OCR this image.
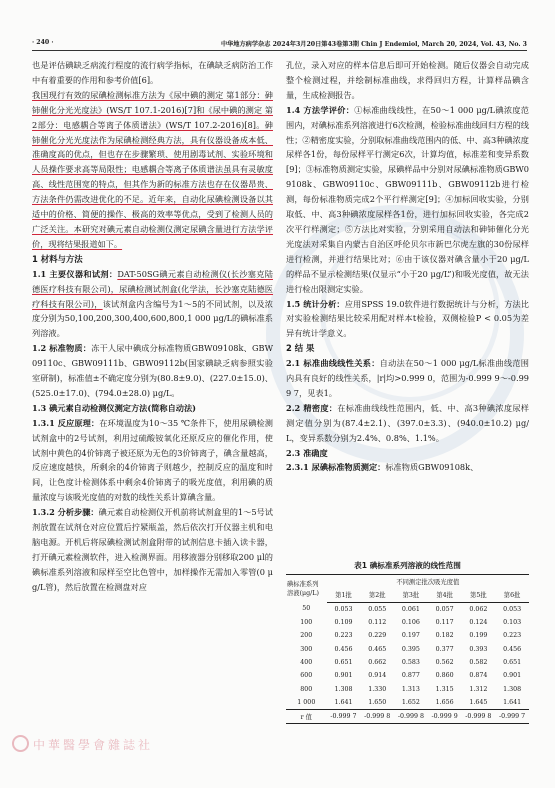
· 240 ·	中华地方病学杂志 2024年3月20日第43卷第3期 Chin J Endemiol, March 20, 2024, Vol. 43, No. 3

也是评估碘缺乏病流行程度的流行病学指标，在碘缺乏病防治工作中有着重要的作用和参考价值[6]。

我国现行有效的尿碘检测标准方法为《尿中碘的测定 第1部分：砷铈催化分光光度法》(WS/T 107.1-2016)[7]和《尿中碘的测定 第2部分：电感耦合等离子体质谱法》(WS/T 107.2-2016)[8]。砷铈催化分光光度法作为尿碘检测经典方法，具有仪器设备成本低、准确度高的优点，但也存在步骤繁琐、使用剧毒试剂、实验环境和人员操作要求高等局限性；电感耦合等离子体质谱法虽具有灵敏度高、线性范围宽的特点，但其作为新的标准方法也存在仪器昂贵、方法条件仍需改进优化的不足。近年来，自动化尿碘检测设备以其适中的价格、简便的操作、极高的效率等优点，受到了检测人员的广泛关注。本研究对碘元素自动检测仪测定尿碘含量进行方法学评价，现将结果报道如下。

1 材料与方法

1.1 主要仪器和试剂：DAT-50SG碘元素自动检测仪(长沙塞克陆德医疗科技有限公司)，尿碘检测试剂盒(化学法，长沙塞克陆德医疗科技有限公司)，该试剂盒内含编号为1～5的不同试剂，以及浓度分别为50,100,200,300,400,600,800,1 000 μg/L的碘标准系列溶液。

1.2 标准物质：冻干人尿中碘成分标准物质GBW09108k、GBW09110c、GBW09111b、GBW09112b(国家碘缺乏病参照实验室研制)，标准值±不确定度分别为(80.8±9.0)、(227.0±15.0)、(525.0±17.0)、(794.0±28.0) μg/L。

1.3 碘元素自动检测仪测定方法(简称自动法)

1.3.1 反应原理：在环境温度为10～35 ℃条件下，使用尿碘检测试剂盒中的2号试剂，利用过硫酸铵氧化还原反应的催化作用，使试剂中黄色的4价铈离子被还原为无色的3价铈离子，碘含量越高，反应速度越快，所剩余的4价铈离子则越少，控制反应的温度和时间，让色度计检测体系中剩余4价铈离子的吸光度值，利用碘的质量浓度与该吸光度值的对数的线性关系计算碘含量。

1.3.2 分析步骤：碘元素自动检测仪开机前将试剂盒里的1～5号试剂放置在试剂仓对应位置后拧紧瓶盖，然后依次打开仪器主机和电脑电源。开机后将尿碘检测试剂盒附带的试剂信息卡插入读卡器，打开碘元素检测软件，进入检测界面。用移液器分别移取200 μl的碘标准系列溶液和尿样至空比色管中，加样操作无需加入零管(0 μg/L管)，然后放置在检测盘对应

孔位，录入对应的样本信息后即可开始检测。随后仪器会自动完成整个检测过程，并绘制标准曲线，求得回归方程，计算样品碘含量，生成检测报告。

1.4 方法学评价：①标准曲线线性，在50～1 000 μg/L碘浓度范围内，对碘标准系列溶液进行6次检测，检验标准曲线回归方程的线性；②精密度实验，分别取标准曲线范围内的低、中、高3种碘浓度尿样各1份，每份尿样平行测定6次，计算均值，标准差和变异系数[9]；③标准物质测定实验，尿碘样品中分别对尿碘标准物质GBW09108k、GBW09110c、GBW09111b、GBW09112b进行检测，每份标准物质完成2个平行样测定[9]；④加标回收实验，分别取低、中、高3种碘浓度尿样各1份，进行加标回收实验，各完成2次平行样测定；⑤方法比对实验，分别采用自动法和砷铈催化分光光度法对采集自内蒙古自治区呼伦贝尔市新巴尔虎左旗的30份尿样进行检测，并进行结果比对；⑥由于该仪器对碘含量小于20 μg/L的样品不显示检测结果(仅显示“小于20 μg/L”)和吸光度值，故无法进行检出限测定实验。

1.5 统计分析：应用SPSS 19.0软件进行数据统计与分析，方法比对实验检测结果比较采用配对样本t检验，双侧检验P < 0.05为差异有统计学意义。

2 结 果

2.1 标准曲线线性关系：自动法在50～1 000 μg/L标准曲线范围内具有良好的线性关系，|r|均>0.999 0，范围为-0.999 9～-0.999 7，见表1。

2.2 精密度：在标准曲线线性范围内，低、中、高3种碘浓度尿样测定值分别为(87.4±2.1)、(397.0±3.3)、(940.0±10.2) μg/L，变异系数分别为2.4%、0.8%、1.1%。

2.3 准确度

2.3.1 尿碘标准物质测定：标准物质GBW09108k、

表1 碘标准系列溶液的线性范围
碘标准系列
溶液(μg/L)	不同测定批次吸光度值					
	第1批	第2批	第3批	第4批	第5批	第6批
50	0.053	0.055	0.061	0.057	0.062	0.053
100	0.109	0.112	0.106	0.117	0.124	0.103
200	0.223	0.229	0.197	0.182	0.199	0.223
300	0.456	0.465	0.395	0.377	0.393	0.456
400	0.651	0.662	0.583	0.562	0.582	0.651
600	0.901	0.914	0.877	0.860	0.874	0.901
800	1.308	1.330	1.313	1.315	1.312	1.308
1 000	1.641	1.650	1.652	1.656	1.645	1.641
r 值	-0.999 7	-0.999 8	-0.999 8	-0.999 9	-0.999 8	-0.999 7
中華醫學會雜誌社
